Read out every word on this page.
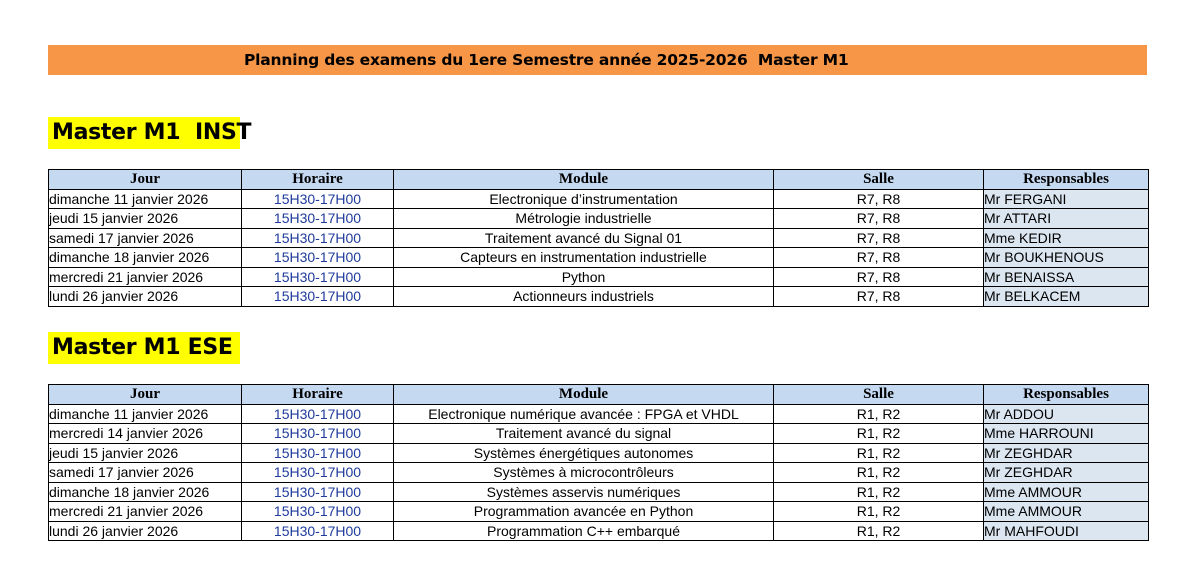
Planning des examens du 1ere Semestre année 2025-2026  Master M1
Master M1  INST
Jour	Horaire	Module	Salle	Responsables
dimanche 11 janvier 2026	15H30-17H00	Electronique d’instrumentation	R7, R8	Mr FERGANI
jeudi 15 janvier 2026	15H30-17H00	Métrologie industrielle	R7, R8	Mr ATTARI
samedi 17 janvier 2026	15H30-17H00	Traitement avancé du Signal 01	R7, R8	Mme KEDIR
dimanche 18 janvier 2026	15H30-17H00	Capteurs en instrumentation industrielle	R7, R8	Mr BOUKHENOUS
mercredi 21 janvier 2026	15H30-17H00	Python	R7, R8	Mr BENAISSA
lundi 26 janvier 2026	15H30-17H00	Actionneurs industriels	R7, R8	Mr BELKACEM
Master M1 ESE
Jour	Horaire	Module	Salle	Responsables
dimanche 11 janvier 2026	15H30-17H00	Electronique numérique avancée : FPGA et VHDL	R1, R2	Mr ADDOU
mercredi 14 janvier 2026	15H30-17H00	Traitement avancé du signal	R1, R2	Mme HARROUNI
jeudi 15 janvier 2026	15H30-17H00	Systèmes énergétiques autonomes	R1, R2	Mr ZEGHDAR
samedi 17 janvier 2026	15H30-17H00	Systèmes à microcontrôleurs	R1, R2	Mr ZEGHDAR
dimanche 18 janvier 2026	15H30-17H00	Systèmes asservis numériques	R1, R2	Mme AMMOUR
mercredi 21 janvier 2026	15H30-17H00	Programmation avancée en Python	R1, R2	Mme AMMOUR
lundi 26 janvier 2026	15H30-17H00	Programmation C++ embarqué	R1, R2	Mr MAHFOUDI
